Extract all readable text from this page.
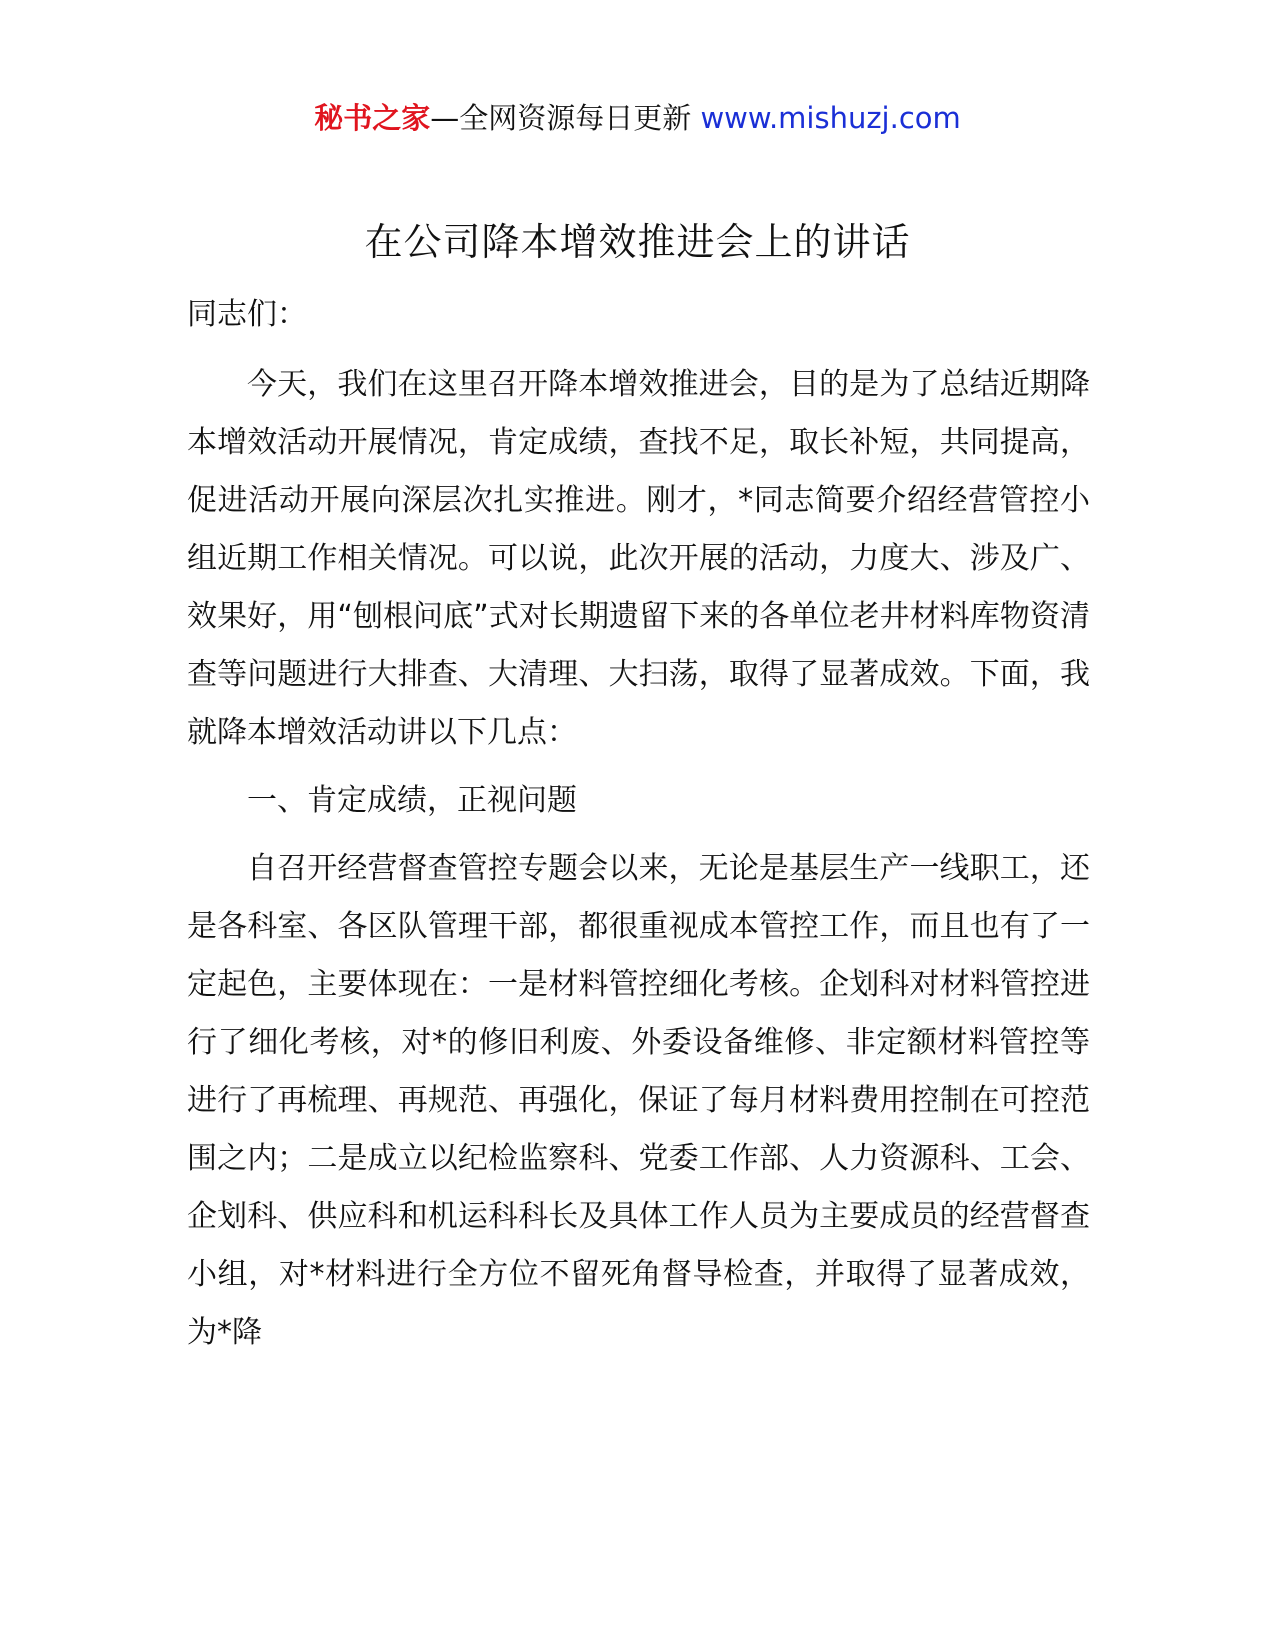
秘书之家—全网资源每日更新 www.mishuzj.com
在公司降本增效推进会上的讲话

同志们：

今天，我们在这里召开降本增效推进会，目的是为了总结近期降本增效活动开展情况，肯定成绩，查找不足，取长补短，共同提高，促进活动开展向深层次扎实推进。刚才，*同志简要介绍经营管控小组近期工作相关情况。可以说，此次开展的活动，力度大、涉及广、效果好，用“刨根问底”式对长期遗留下来的各单位老井材料库物资清查等问题进行大排查、大清理、大扫荡，取得了显著成效。下面，我就降本增效活动讲以下几点：

一、肯定成绩，正视问题

自召开经营督查管控专题会以来，无论是基层生产一线职工，还是各科室、各区队管理干部，都很重视成本管控工作，而且也有了一定起色，主要体现在：一是材料管控细化考核。企划科对材料管控进行了细化考核，对*的修旧利废、外委设备维修、非定额材料管控等进行了再梳理、再规范、再强化，保证了每月材料费用控制在可控范围之内；二是成立以纪检监察科、党委工作部、人力资源科、工会、企划科、供应科和机运科科长及具体工作人员为主要成员的经营督查小组，对*材料进行全方位不留死角督导检查，并取得了显著成效，为*降
